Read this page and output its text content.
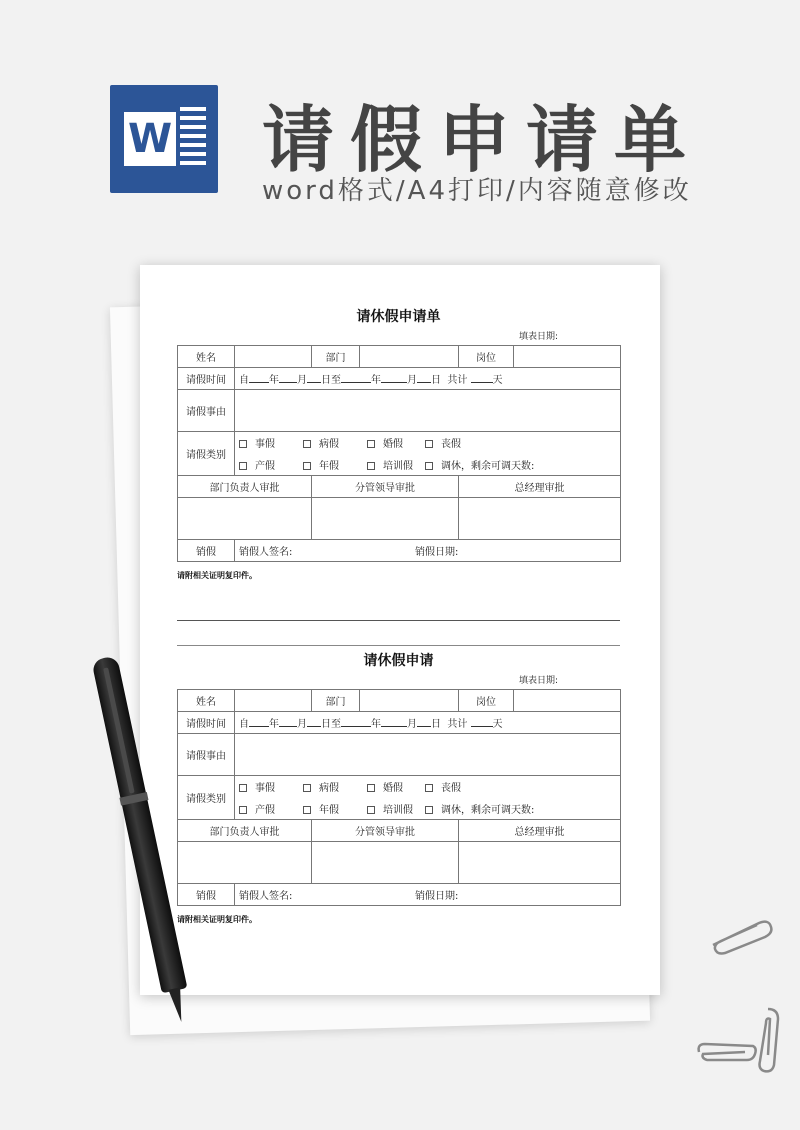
W 请假申请单
word格式/A4打印/内容随意修改
请休假申请单
填表日期:
姓名		部门		岗位	
请假时间	自 年 月 日至 年 月 日 共计 天				
请假事由					
请假类别	事假 病假 婚假 丧假				
	产假 年假 培训假 调休，剩余可调天数:				
部门负责人审批		分管领导审批		总经理审批	

销假	销假人签名: 销假日期:				
请附相关证明复印件。
请休假申请
填表日期:
姓名		部门		岗位	
请假时间	自 年 月 日至 年 月 日 共计 天				
请假事由					
请假类别	事假 病假 婚假 丧假				
	产假 年假 培训假 调休，剩余可调天数:				
部门负责人审批		分管领导审批		总经理审批	

销假	销假人签名: 销假日期:				
请附相关证明复印件。
